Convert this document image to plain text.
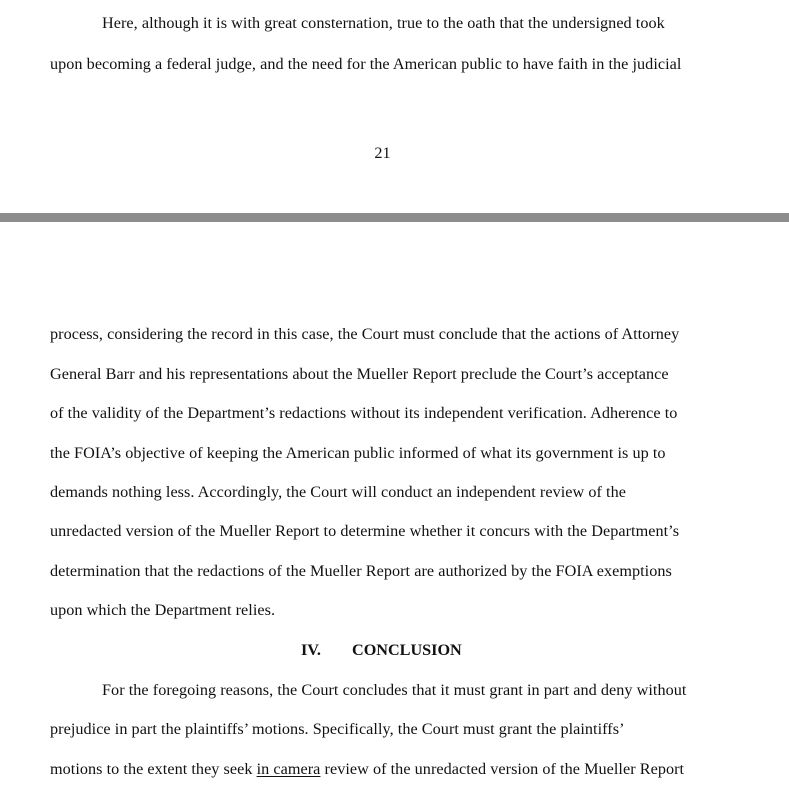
Here, although it is with great consternation, true to the oath that the undersigned took

upon becoming a federal judge, and the need for the American public to have faith in the judicial

21

process, considering the record in this case, the Court must conclude that the actions of Attorney

General Barr and his representations about the Mueller Report preclude the Court’s acceptance

of the validity of the Department’s redactions without its independent verification. Adherence to

the FOIA’s objective of keeping the American public informed of what its government is up to

demands nothing less. Accordingly, the Court will conduct an independent review of the

unredacted version of the Mueller Report to determine whether it concurs with the Department’s

determination that the redactions of the Mueller Report are authorized by the FOIA exemptions

upon which the Department relies.

IV. CONCLUSION

For the foregoing reasons, the Court concludes that it must grant in part and deny without

prejudice in part the plaintiffs’ motions. Specifically, the Court must grant the plaintiffs’

motions to the extent they seek in camera review of the unredacted version of the Mueller Report
